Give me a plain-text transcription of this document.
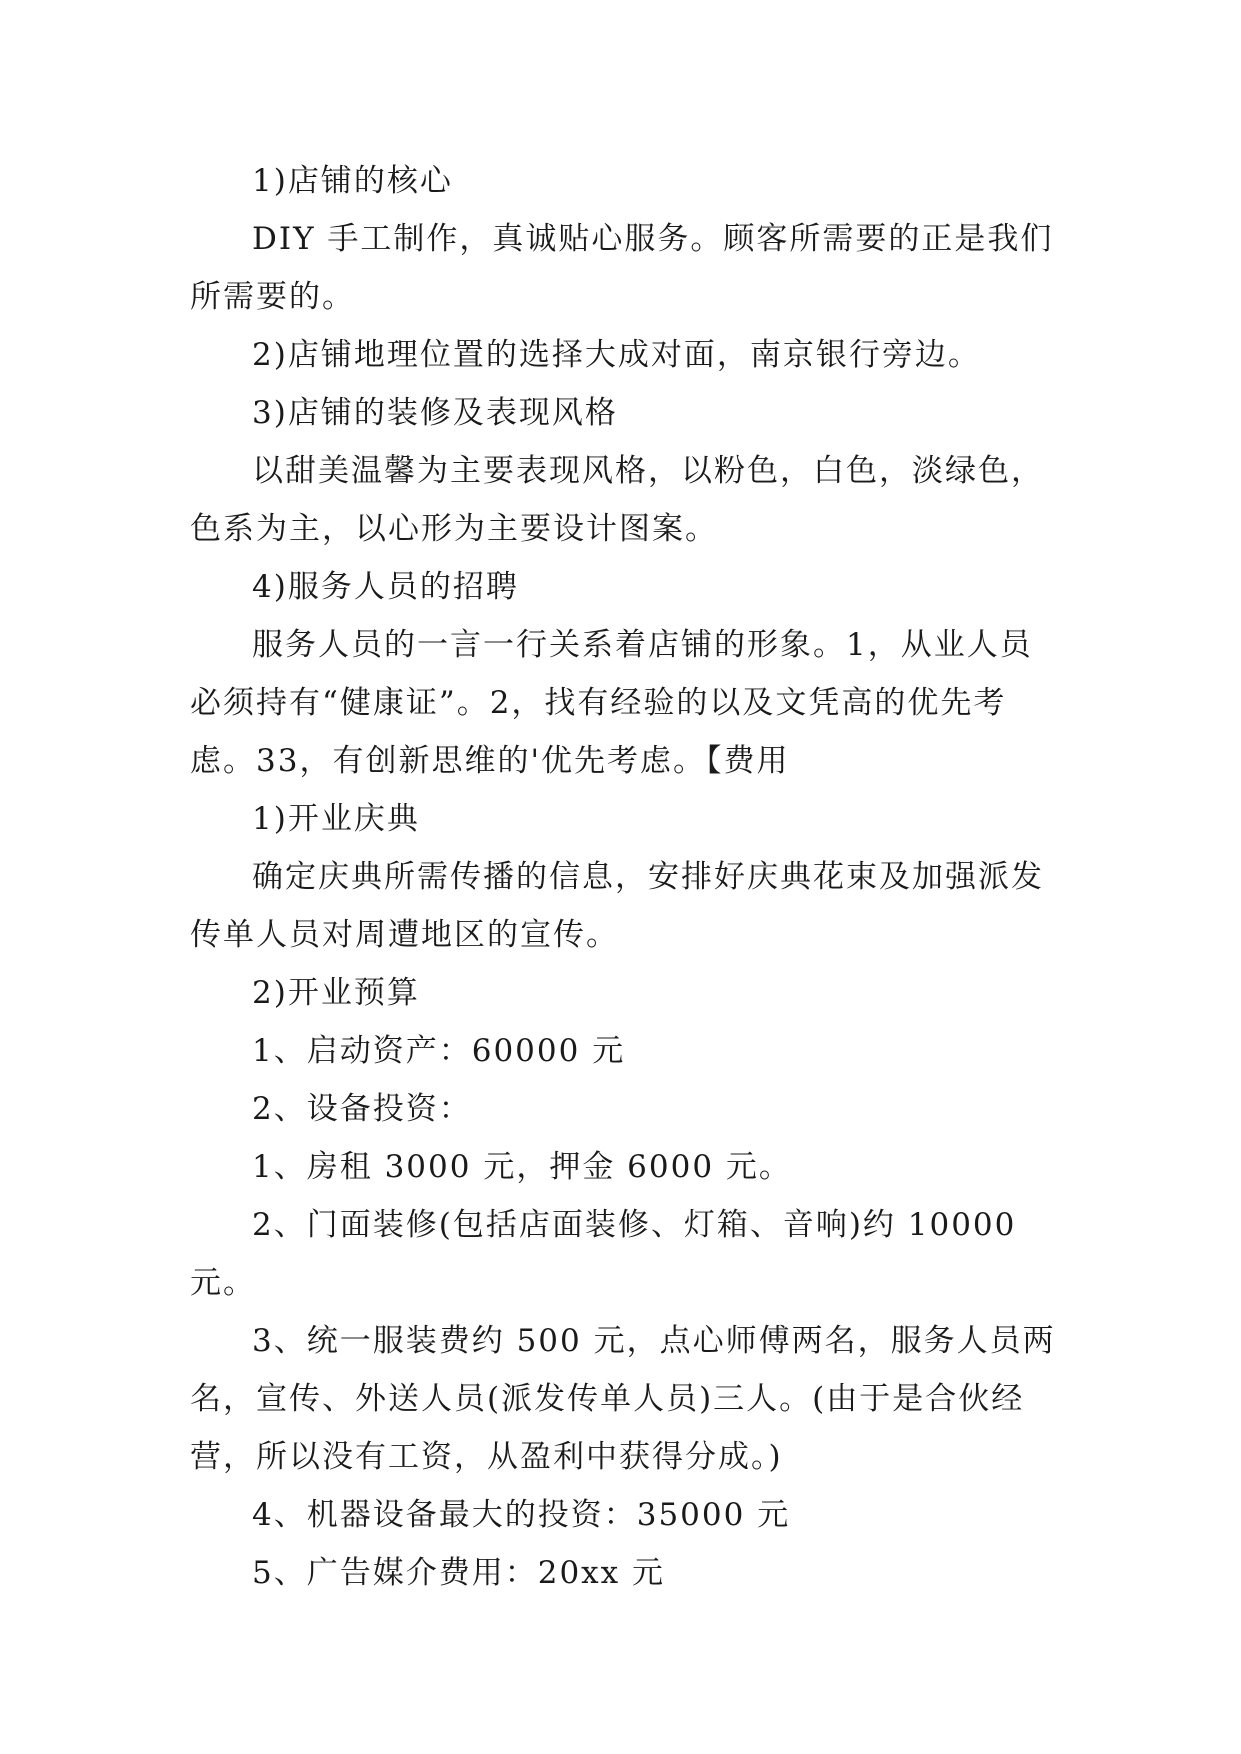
1)店铺的核心

DIY 手工制作，真诚贴心服务。顾客所需要的正是我们所需要的。

2)店铺地理位置的选择大成对面，南京银行旁边。

3)店铺的装修及表现风格

以甜美温馨为主要表现风格，以粉色，白色，淡绿色，色系为主，以心形为主要设计图案。

4)服务人员的招聘

服务人员的一言一行关系着店铺的形象。1，从业人员必须持有“健康证”。2，找有经验的以及文凭高的优先考虑。33，有创新思维的'优先考虑。【费用

1)开业庆典

确定庆典所需传播的信息，安排好庆典花束及加强派发传单人员对周遭地区的宣传。

2)开业预算

1、启动资产：60000 元

2、设备投资：

1、房租 3000 元，押金 6000 元。

2、门面装修(包括店面装修、灯箱、音响)约 10000 元。

3、统一服装费约 500 元，点心师傅两名，服务人员两名，宣传、外送人员(派发传单人员)三人。(由于是合伙经营，所以没有工资，从盈利中获得分成。)

4、机器设备最大的投资：35000 元

5、广告媒介费用：20xx 元
